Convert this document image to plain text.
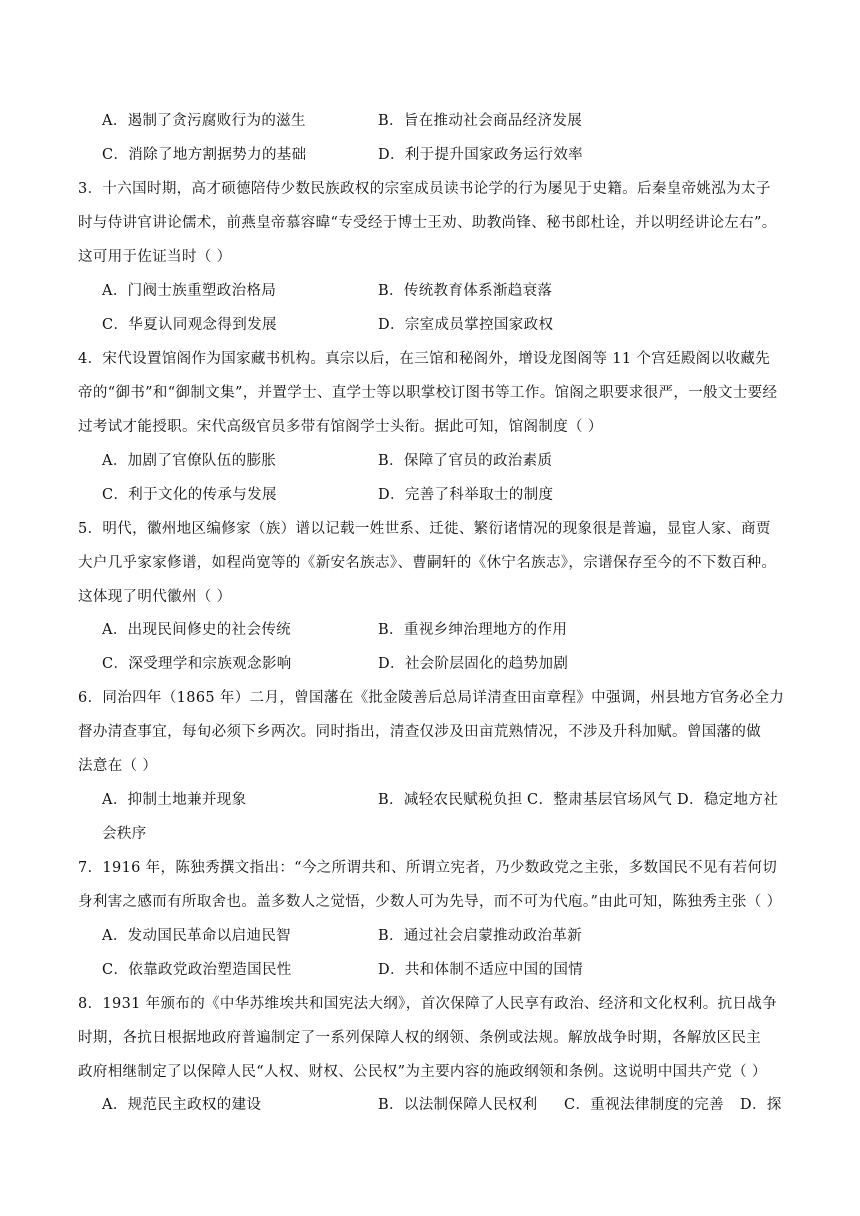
A．遏制了贪污腐败行为的滋生	B．旨在推动社会商品经济发展
C．消除了地方割据势力的基础	D．利于提升国家政务运行效率
3．十六国时期，高才硕德陪侍少数民族政权的宗室成员读书论学的行为屡见于史籍。后秦皇帝姚泓为太子
时与侍讲官讲论儒术，前燕皇帝慕容暐“专受经于博士王劝、助教尚锋、秘书郎杜诠，并以明经讲论左右”。
这可用于佐证当时（ ）
A．门阀士族重塑政治格局	B．传统教育体系渐趋衰落
C．华夏认同观念得到发展	D．宗室成员掌控国家政权
4．宋代设置馆阁作为国家藏书机构。真宗以后，在三馆和秘阁外，增设龙图阁等 11 个宫廷殿阁以收藏先
帝的“御书”和“御制文集”，并置学士、直学士等以职掌校订图书等工作。馆阁之职要求很严，一般文士要经
过考试才能授职。宋代高级官员多带有馆阁学士头衔。据此可知，馆阁制度（ ）
A．加剧了官僚队伍的膨胀	B．保障了官员的政治素质
C．利于文化的传承与发展	D．完善了科举取士的制度
5．明代，徽州地区编修家（族）谱以记载一姓世系、迁徙、繁衍诸情况的现象很是普遍，显宦人家、商贾
大户几乎家家修谱，如程尚宽等的《新安名族志》、曹嗣轩的《休宁名族志》，宗谱保存至今的不下数百种。
这体现了明代徽州（ ）
A．出现民间修史的社会传统	B．重视乡绅治理地方的作用
C．深受理学和宗族观念影响	D．社会阶层固化的趋势加剧
6．同治四年（1865 年）二月，曾国藩在《批金陵善后总局详清查田亩章程》中强调，州县地方官务必全力
督办清查事宜，每旬必须下乡两次。同时指出，清查仅涉及田亩荒熟情况，不涉及升科加赋。曾国藩的做
法意在（ ）
A．抑制土地兼并现象	B．减轻农民赋税负担 C．整肃基层官场风气 D．稳定地方社
会秩序
7．1916 年，陈独秀撰文指出：“今之所谓共和、所谓立宪者，乃少数政党之主张，多数国民不见有若何切
身利害之感而有所取舍也。盖多数人之觉悟，少数人可为先导，而不可为代庖。”由此可知，陈独秀主张（ ）
A．发动国民革命以启迪民智	B．通过社会启蒙推动政治革新
C．依靠政党政治塑造国民性	D．共和体制不适应中国的国情
8．1931 年颁布的《中华苏维埃共和国宪法大纲》，首次保障了人民享有政治、经济和文化权利。抗日战争
时期，各抗日根据地政府普遍制定了一系列保障人权的纲领、条例或法规。解放战争时期，各解放区民主
政府相继制定了以保障人民“人权、财权、公民权”为主要内容的施政纲领和条例。这说明中国共产党（ ）
A．规范民主政权的建设	B．以法制保障人民权利 C．重视法律制度的完善 D．探
